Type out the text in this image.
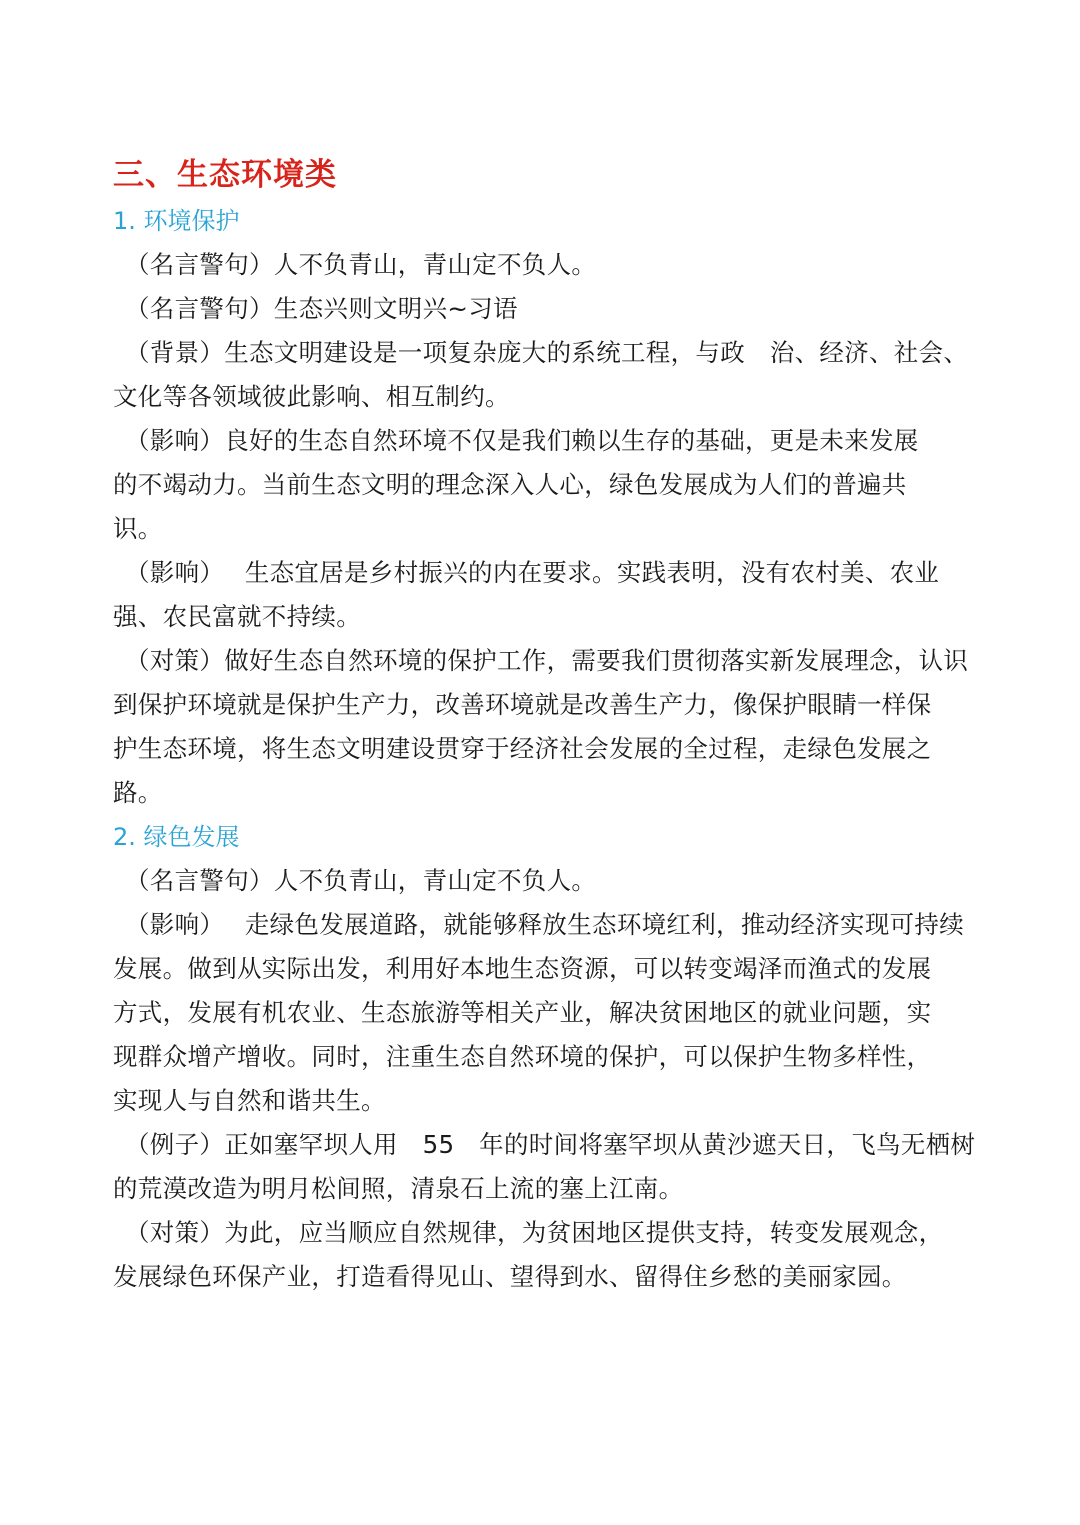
三、生态环境类
1. 环境保护
（名言警句）人不负青山，青山定不负人。
（名言警句）生态兴则文明兴~习语
（背景）生态文明建设是一项复杂庞大的系统工程，与政　治、经济、社会、
文化等各领域彼此影响、相互制约。
（影响）良好的生态自然环境不仅是我们赖以生存的基础，更是未来发展
的不竭动力。当前生态文明的理念深入人心，绿色发展成为人们的普遍共
识。
（影响）　 生态宜居是乡村振兴的内在要求。实践表明，没有农村美、农业
强、农民富就不持续。
（对策）做好生态自然环境的保护工作，需要我们贯彻落实新发展理念，认识
到保护环境就是保护生产力，改善环境就是改善生产力，像保护眼睛一样保
护生态环境，将生态文明建设贯穿于经济社会发展的全过程，走绿色发展之
路。
2. 绿色发展
（名言警句）人不负青山，青山定不负人。
（影响）　 走绿色发展道路，就能够释放生态环境红利，推动经济实现可持续
发展。做到从实际出发，利用好本地生态资源，可以转变竭泽而渔式的发展
方式，发展有机农业、生态旅游等相关产业，解决贫困地区的就业问题，实
现群众增产增收。同时，注重生态自然环境的保护，可以保护生物多样性，
实现人与自然和谐共生。
（例子）正如塞罕坝人用　55　年的时间将塞罕坝从黄沙遮天日，飞鸟无栖树
的荒漠改造为明月松间照，清泉石上流的塞上江南。
（对策）为此，应当顺应自然规律，为贫困地区提供支持，转变发展观念，
发展绿色环保产业，打造看得见山、望得到水、留得住乡愁的美丽家园。
